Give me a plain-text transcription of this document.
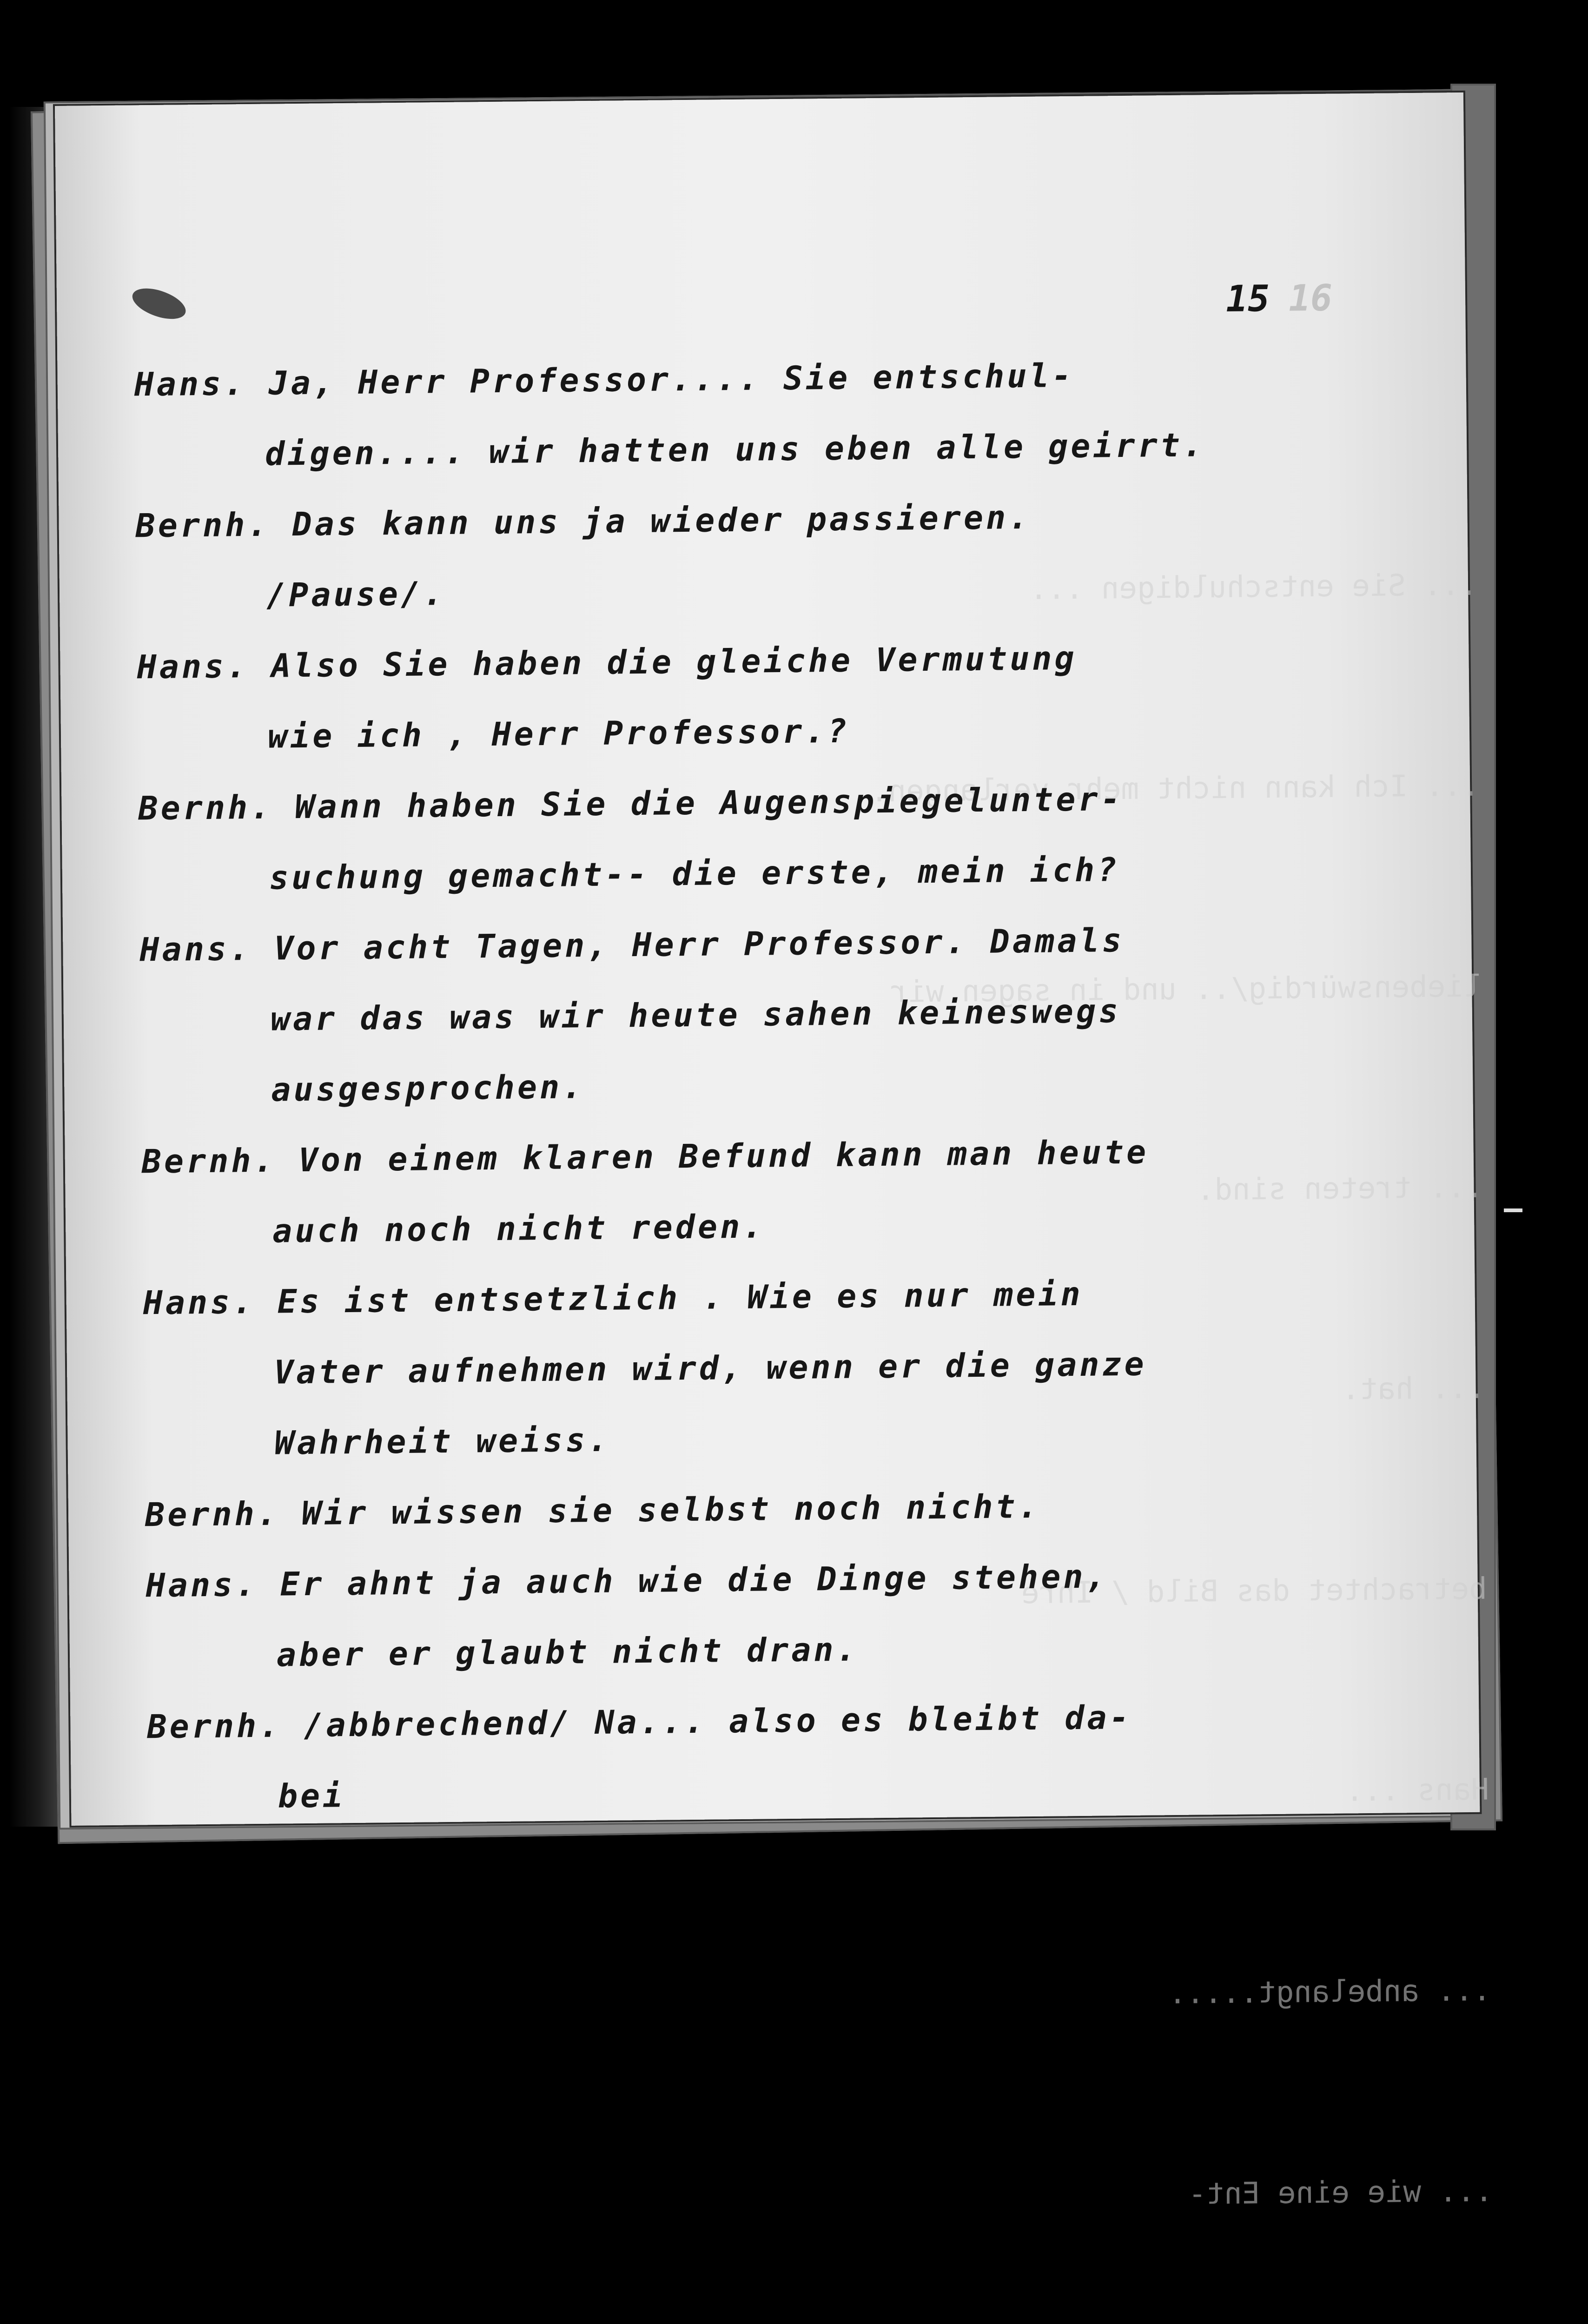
... Sie entschuldigen ...

... Ich kann nicht mehr verlangen.

liebenswürdig/.. und in sagen wir

... treten sind.

... hat.

betrachtet das Bild / Ihre

Hans ...

... anbelangt.....

... wie eine Ent-

15 16
Hans. Ja, Herr Professor.... Sie entschul-
digen.... wir hatten uns eben alle geirrt.
Bernh. Das kann uns ja wieder passieren.
/Pause/.
Hans. Also Sie haben die gleiche Vermutung
wie ich , Herr Professor.?
Bernh. Wann haben Sie die Augenspiegelunter-
suchung gemacht-- die erste, mein ich?
Hans. Vor acht Tagen, Herr Professor. Damals
war das was wir heute sahen keineswegs
ausgesprochen.
Bernh. Von einem klaren Befund kann man heute
auch noch nicht reden.
Hans. Es ist entsetzlich . Wie es nur mein
Vater aufnehmen wird, wenn er die ganze
Wahrheit weiss.
Bernh. Wir wissen sie selbst noch nicht.
Hans. Er ahnt ja auch wie die Dinge stehen,
aber er glaubt nicht dran.
Bernh. /abbrechend/ Na... also es bleibt da-
bei
